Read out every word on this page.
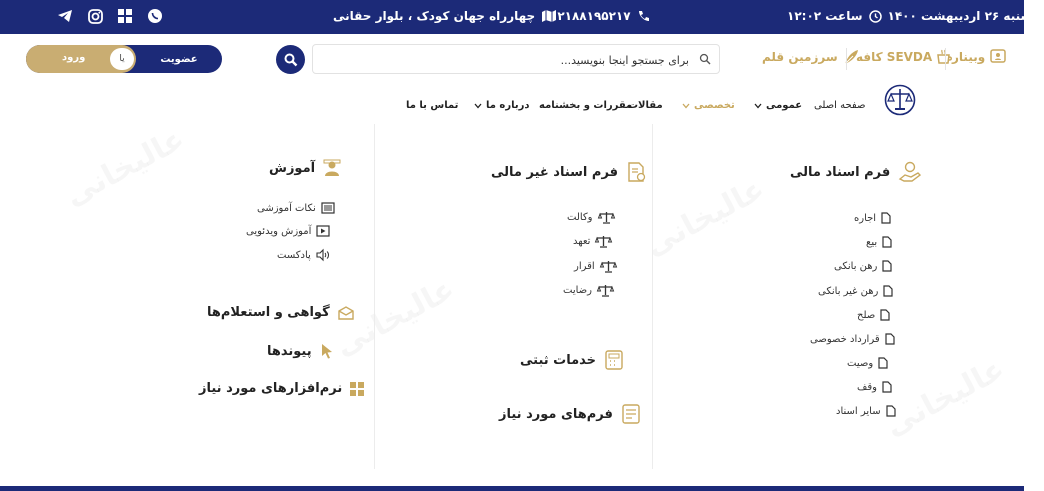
چهارراه جهان کودک ، بلوار حقانی ۰۲۱۸۸۱۹۵۲۱۷	ساعت ۱۲:۰۲ یکشنبه ۲۶ اردیبهشت ۱۴۰۰
ورود	یا	عضویت
برای جستجو اینجا بنویسید...	سرزمین قلم کافه SEVDA وبینار
تماس با ما	درباره ما مقررات و بخشنامه
مقالات	تخصصی	عمومی صفحه اصلی
فرم اسناد مالی
اجاره
بیع
رهن بانکی
رهن غیر بانکی
صلح
قرارداد خصوصی
وصیت
وقف
سایر اسناد
فرم اسناد غیر مالی
وکالت
تعهد
اقرار
رضایت
خدمات ثبتی
فرم‌های مورد نیاز
آموزش
نکات آموزشی
آموزش ویدئویی
پادکست
گواهی و استعلام‌ها
پیوندها
نرم‌افزارهای مورد نیاز
